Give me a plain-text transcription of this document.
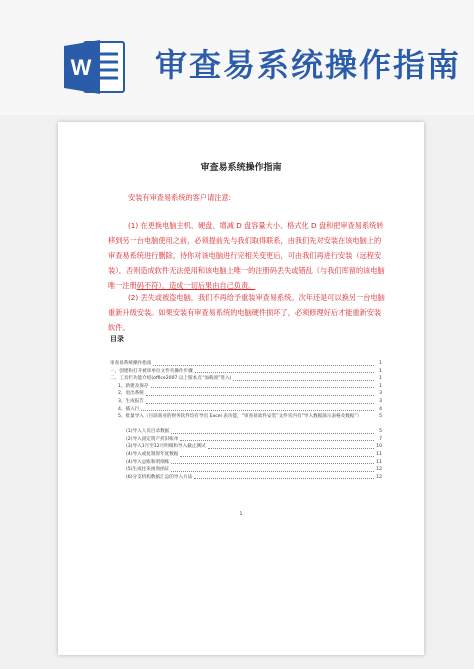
W 审查易系统操作指南
审查易系统操作指南
安装有审查易系统的客户请注意:
(1) 在更换电脑主机、硬盘、增减 D 盘容量大小、格式化 D 盘和把审查易系统转移到另一台电脑使用之前，必须提前先与我们取得联系，由我们先对安装在该电脑上的审查易系统进行删除，待你对该电脑进行完相关变更后，可由我们再进行安装（远程安装），否则造成软件无法使用和该电脑上唯一的注册码丢失或错乱（与我们库留的该电脑唯一注册码不符），造成一切后果由自己负责。
(2) 丢失或被盗电脑，我们不再给予重装审查易系统。次年还是可以换另一台电脑重新升级安装。如果安装有审查易系统的电脑硬件损坏了，必须修理好后才能重新安装软件。
目录
审查易系统操作指南	1
一、创建和打开被审单位文件夹操作步骤	1
二、工具栏功能介绍(office2007 以上版本点“加载项”进入)	1
1、新建及保存	1
2、退出系统	3
3、生成报告	3
4、插入行	4
5、批量导入（目前商业的财务软件均有导出 Excel 表功能，“审查易软件安装”文件夹内有“导入数据演示表格及数据”）	5
(1)导入人员目录数据	5
(2)导入固定资产折旧账单	7
(3)导入1月至12月明细和导入截止测试	10
(4)导入或复制原年度数据	11
(4)导入总账和明细账	11
(5)生成往来函询函证	12
(6)分支机构数据汇总的导入方法	12
1
